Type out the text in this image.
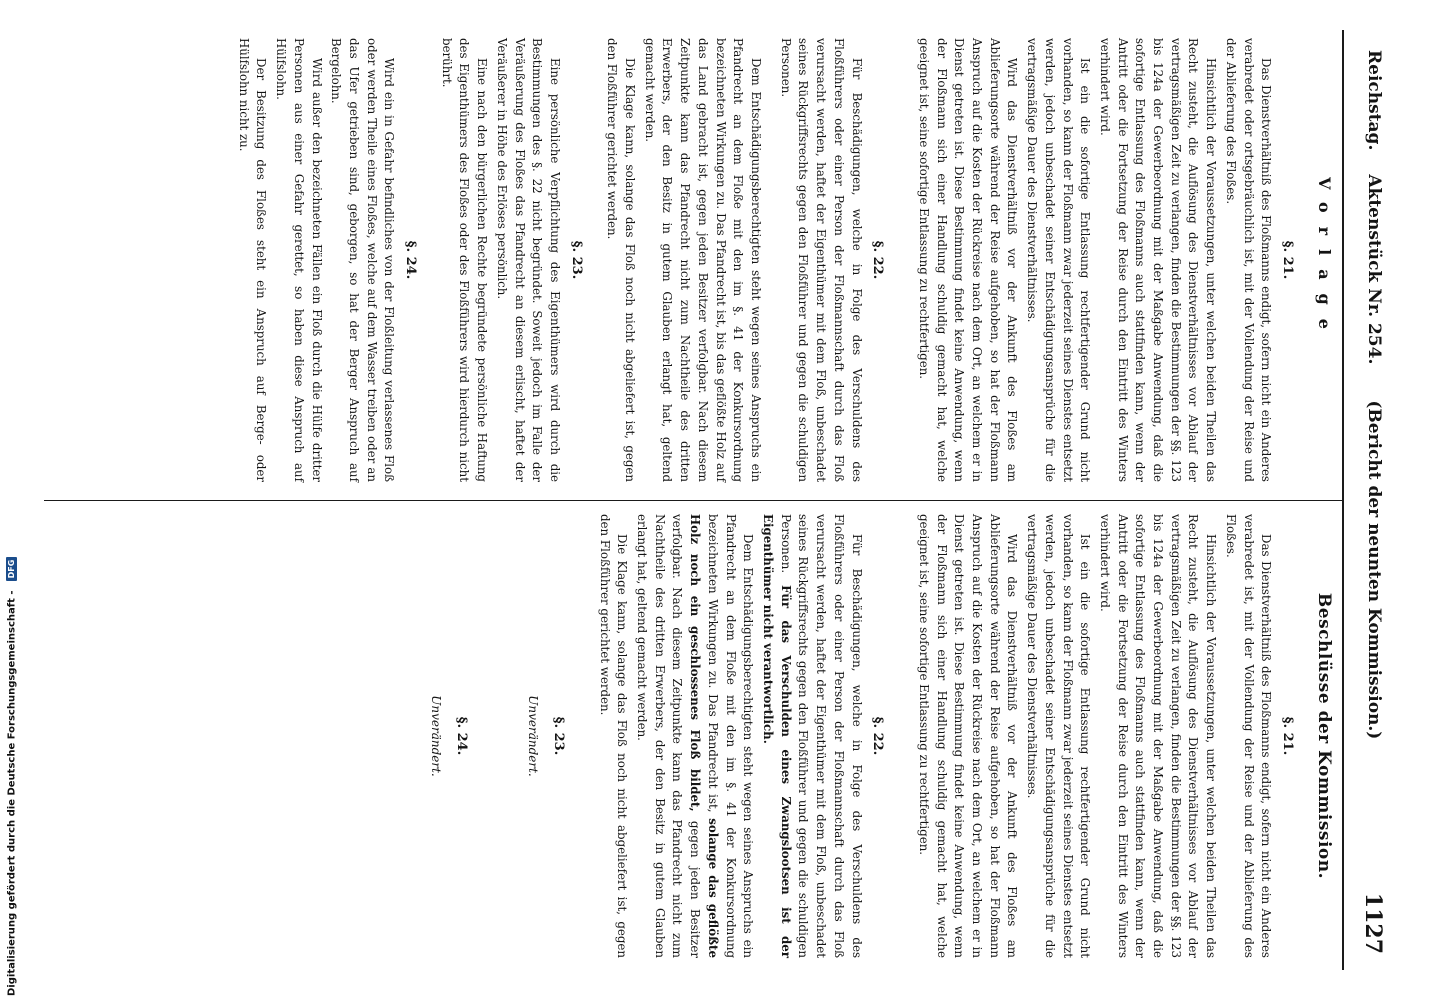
Reichstag.
Aktenstück Nr. 254.
(Bericht der neunten Kommission.)
1127
Vorlage
Beschlüsse der Kommission.
§. 21.

Das Dienstverhältniß des Floßmanns endigt, sofern nicht ein Anderes verabredet oder ortsgebräuchlich ist, mit der Vollendung der Reise und der Ablieferung des Floßes.

Hinsichtlich der Voraussetzungen, unter welchen beiden Theilen das Recht zusteht, die Auflösung des Dienstverhältnisses vor Ablauf der vertragsmäßigen Zeit zu verlangen, finden die Bestimmungen der §§. 123 bis 124a der Gewerbeordnung mit der Maßgabe Anwendung, daß die sofortige Entlassung des Floßmanns auch stattfinden kann, wenn der Antritt oder die Fortsetzung der Reise durch den Eintritt des Winters verhindert wird.

Ist ein die sofortige Entlassung rechtfertigender Grund nicht vorhanden, so kann der Floßmann zwar jederzeit seines Dienstes entsetzt werden, jedoch unbeschadet seiner Entschädigungsansprüche für die vertragsmäßige Dauer des Dienstverhältnisses.

Wird das Dienstverhältniß vor der Ankunft des Floßes am Ablieferungsorte während der Reise aufgehoben, so hat der Floßmann Anspruch auf die Kosten der Rückreise nach dem Ort, an welchem er in Dienst getreten ist. Diese Bestimmung findet keine Anwendung, wenn der Floßmann sich einer Handlung schuldig gemacht hat, welche geeignet ist, seine sofortige Entlassung zu rechtfertigen.

§. 22.

Für Beschädigungen, welche in Folge des Verschuldens des Floßführers oder einer Person der Floßmannschaft durch das Floß verursacht werden, haftet der Eigenthümer mit dem Floß, unbeschadet seines Rückgriffsrechts gegen den Floßführer und gegen die schuldigen Personen.

Dem Entschädigungsberechtigten steht wegen seines Anspruchs ein Pfandrecht an dem Floße mit den im §. 41 der Konkursordnung bezeichneten Wirkungen zu. Das Pfandrecht ist, bis das geflößte Holz auf das Land gebracht ist, gegen jeden Besitzer verfolgbar. Nach diesem Zeitpunkte kann das Pfandrecht nicht zum Nachtheile des dritten Erwerbers, der den Besitz in gutem Glauben erlangt hat, geltend gemacht werden.

Die Klage kann, solange das Floß noch nicht abgeliefert ist, gegen den Floßführer gerichtet werden.

§. 23.

Eine persönliche Verpflichtung des Eigenthümers wird durch die Bestimmungen des §. 22 nicht begründet. Soweit jedoch im Falle der Veräußerung des Floßes das Pfandrecht an diesem erlischt, haftet der Veräußerer in Höhe des Erlöses persönlich.

Eine nach den bürgerlichen Rechte begründete persönliche Haftung des Eigenthümers des Floßes oder des Floßführers wird hierdurch nicht berührt.

§. 24.

Wird ein in Gefahr befindliches von der Floßleitung verlassenes Floß oder werden Theile eines Floßes, welche auf dem Wasser treiben oder an das Ufer getrieben sind, geborgen, so hat der Berger Anspruch auf Bergelohn.

Wird außer den bezeichneten Fällen ein Floß durch die Hülfe dritter Personen aus einer Gefahr gerettet, so haben diese Anspruch auf Hülfslohn.

Der Besitzung des Floßes steht ein Anspruch auf Berge- oder Hülfslohn nicht zu.

§. 21.

Das Dienstverhältniß des Floßmanns endigt, sofern nicht ein Anderes verabredet ist, mit der Vollendung der Reise und der Ablieferung des Floßes.

Hinsichtlich der Voraussetzungen, unter welchen beiden Theilen das Recht zusteht, die Auflösung des Dienstverhältnisses vor Ablauf der vertragsmäßigen Zeit zu verlangen, finden die Bestimmungen der §§. 123 bis 124a der Gewerbeordnung mit der Maßgabe Anwendung, daß die sofortige Entlassung des Floßmanns auch stattfinden kann, wenn der Antritt oder die Fortsetzung der Reise durch den Eintritt des Winters verhindert wird.

Ist ein die sofortige Entlassung rechtfertigender Grund nicht vorhanden, so kann der Floßmann zwar jederzeit seines Dienstes entsetzt werden, jedoch unbeschadet seiner Entschädigungsansprüche für die vertragsmäßige Dauer des Dienstverhältnisses.

Wird das Dienstverhältniß vor der Ankunft des Floßes am Ablieferungsorte während der Reise aufgehoben, so hat der Floßmann Anspruch auf die Kosten der Rückreise nach dem Ort, an welchem er in Dienst getreten ist. Diese Bestimmung findet keine Anwendung, wenn der Floßmann sich einer Handlung schuldig gemacht hat, welche geeignet ist, seine sofortige Entlassung zu rechtfertigen.

§. 22.

Für Beschädigungen, welche in Folge des Verschuldens des Floßführers oder einer Person der Floßmannschaft durch das Floß verursacht werden, haftet der Eigenthümer mit dem Floß, unbeschadet seines Rückgriffsrechts gegen den Floßführer und gegen die schuldigen Personen. Für das Verschulden eines Zwangslootsen ist der Eigenthümer nicht verantwortlich.

Dem Entschädigungsberechtigten steht wegen seines Anspruchs ein Pfandrecht an dem Floße mit den im §. 41 der Konkursordnung bezeichneten Wirkungen zu. Das Pfandrecht ist, solange das geflößte Holz noch ein geschlossenes Floß bildet, gegen jeden Besitzer verfolgbar. Nach diesem Zeitpunkte kann das Pfandrecht nicht zum Nachtheile des dritten Erwerbers, der den Besitz in gutem Glauben erlangt hat, geltend gemacht werden.

Die Klage kann, solange das Floß noch nicht abgeliefert ist, gegen den Floßführer gerichtet werden.

§. 23.
Unverändert.
§. 24.
Unverändert.
Digitalisierung gefördert durch die Deutsche Forschungsgemeinschaft - DFG
